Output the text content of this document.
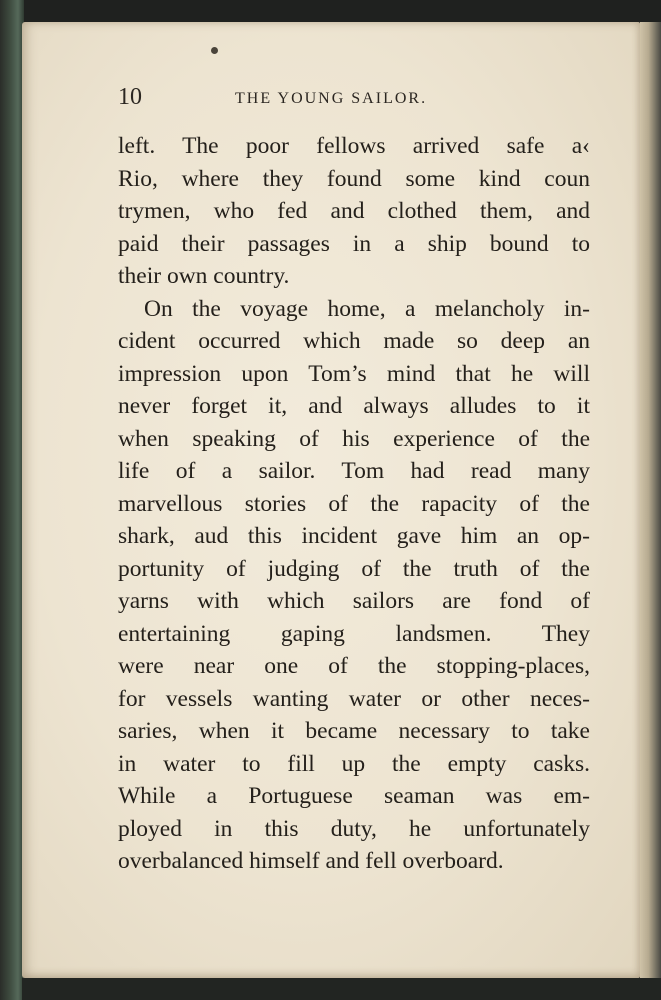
10	THE YOUNG SAILOR.
left. The poor fellows arrived safe a‹
Rio, where they found some kind coun
trymen, who fed and clothed them, and
paid their passages in a ship bound to
their own country.
On the voyage home, a melancholy in-
cident occurred which made so deep an
impression upon Tom’s mind that he will
never forget it, and always alludes to it
when speaking of his experience of the
life of a sailor. Tom had read many
marvellous stories of the rapacity of the
shark, aud this incident gave him an op-
portunity of judging of the truth of the
yarns with which sailors are fond of
entertaining gaping landsmen. They
were near one of the stopping-places,
for vessels wanting water or other neces-
saries, when it became necessary to take
in water to fill up the empty casks.
While a Portuguese seaman was em-
ployed in this duty, he unfortunately
overbalanced himself and fell overboard.
